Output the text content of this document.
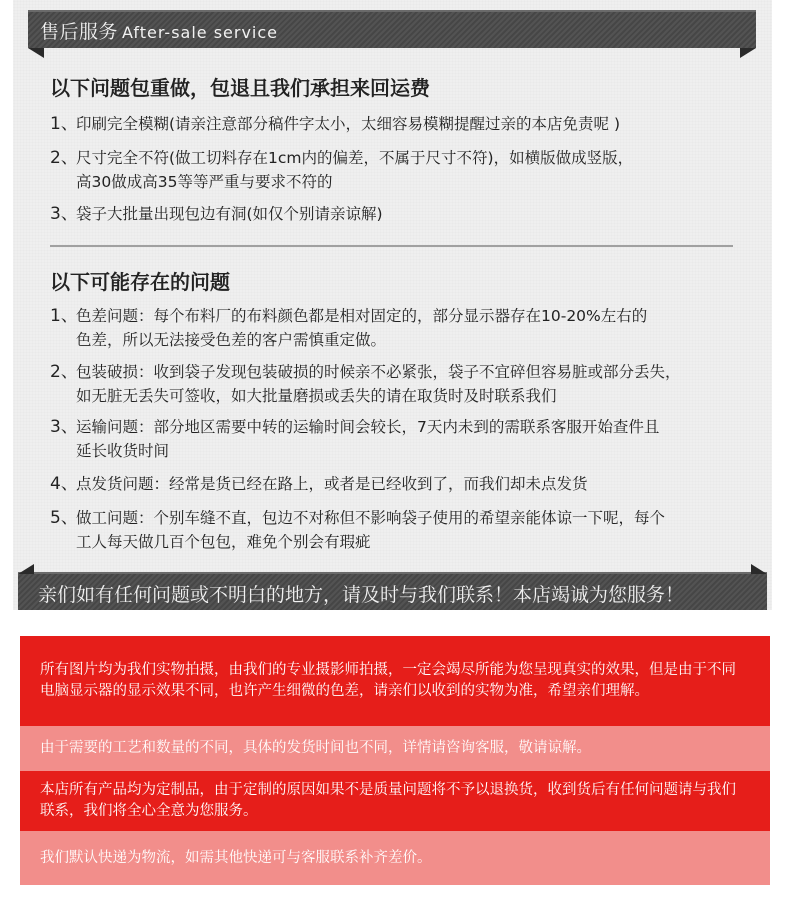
售后服务 After-sale service
以下问题包重做，包退且我们承担来回运费
1、印刷完全模糊(请亲注意部分稿件字太小，太细容易模糊提醒过亲的本店免责呢 )
2、尺寸完全不符(做工切料存在1cm内的偏差，不属于尺寸不符)，如横版做成竖版，
高30做成高35等等严重与要求不符的
3、袋子大批量出现包边有洞(如仅个别请亲谅解)
以下可能存在的问题
1、色差问题：每个布料厂的布料颜色都是相对固定的，部分显示器存在10-20%左右的
色差，所以无法接受色差的客户需慎重定做。
2、包装破损：收到袋子发现包装破损的时候亲不必紧张，袋子不宜碎但容易脏或部分丢失，
如无脏无丢失可签收，如大批量磨损或丢失的请在取货时及时联系我们
3、运输问题：部分地区需要中转的运输时间会较长，7天内未到的需联系客服开始查件且
延长收货时间
4、点发货问题：经常是货已经在路上，或者是已经收到了，而我们却未点发货
5、做工问题：个别车缝不直，包边不对称但不影响袋子使用的希望亲能体谅一下呢，每个
工人每天做几百个包包，难免个别会有瑕疵
亲们如有任何问题或不明白的地方，请及时与我们联系！本店竭诚为您服务！
所有图片均为我们实物拍摄，由我们的专业摄影师拍摄，一定会竭尽所能为您呈现真实的效果，但是由于不同电脑显示器的显示效果不同，也许产生细微的色差，请亲们以收到的实物为准，希望亲们理解。
由于需要的工艺和数量的不同，具体的发货时间也不同，详情请咨询客服，敬请谅解。
本店所有产品均为定制品，由于定制的原因如果不是质量问题将不予以退换货，收到货后有任何问题请与我们联系，我们将全心全意为您服务。
我们默认快递为物流，如需其他快递可与客服联系补齐差价。
